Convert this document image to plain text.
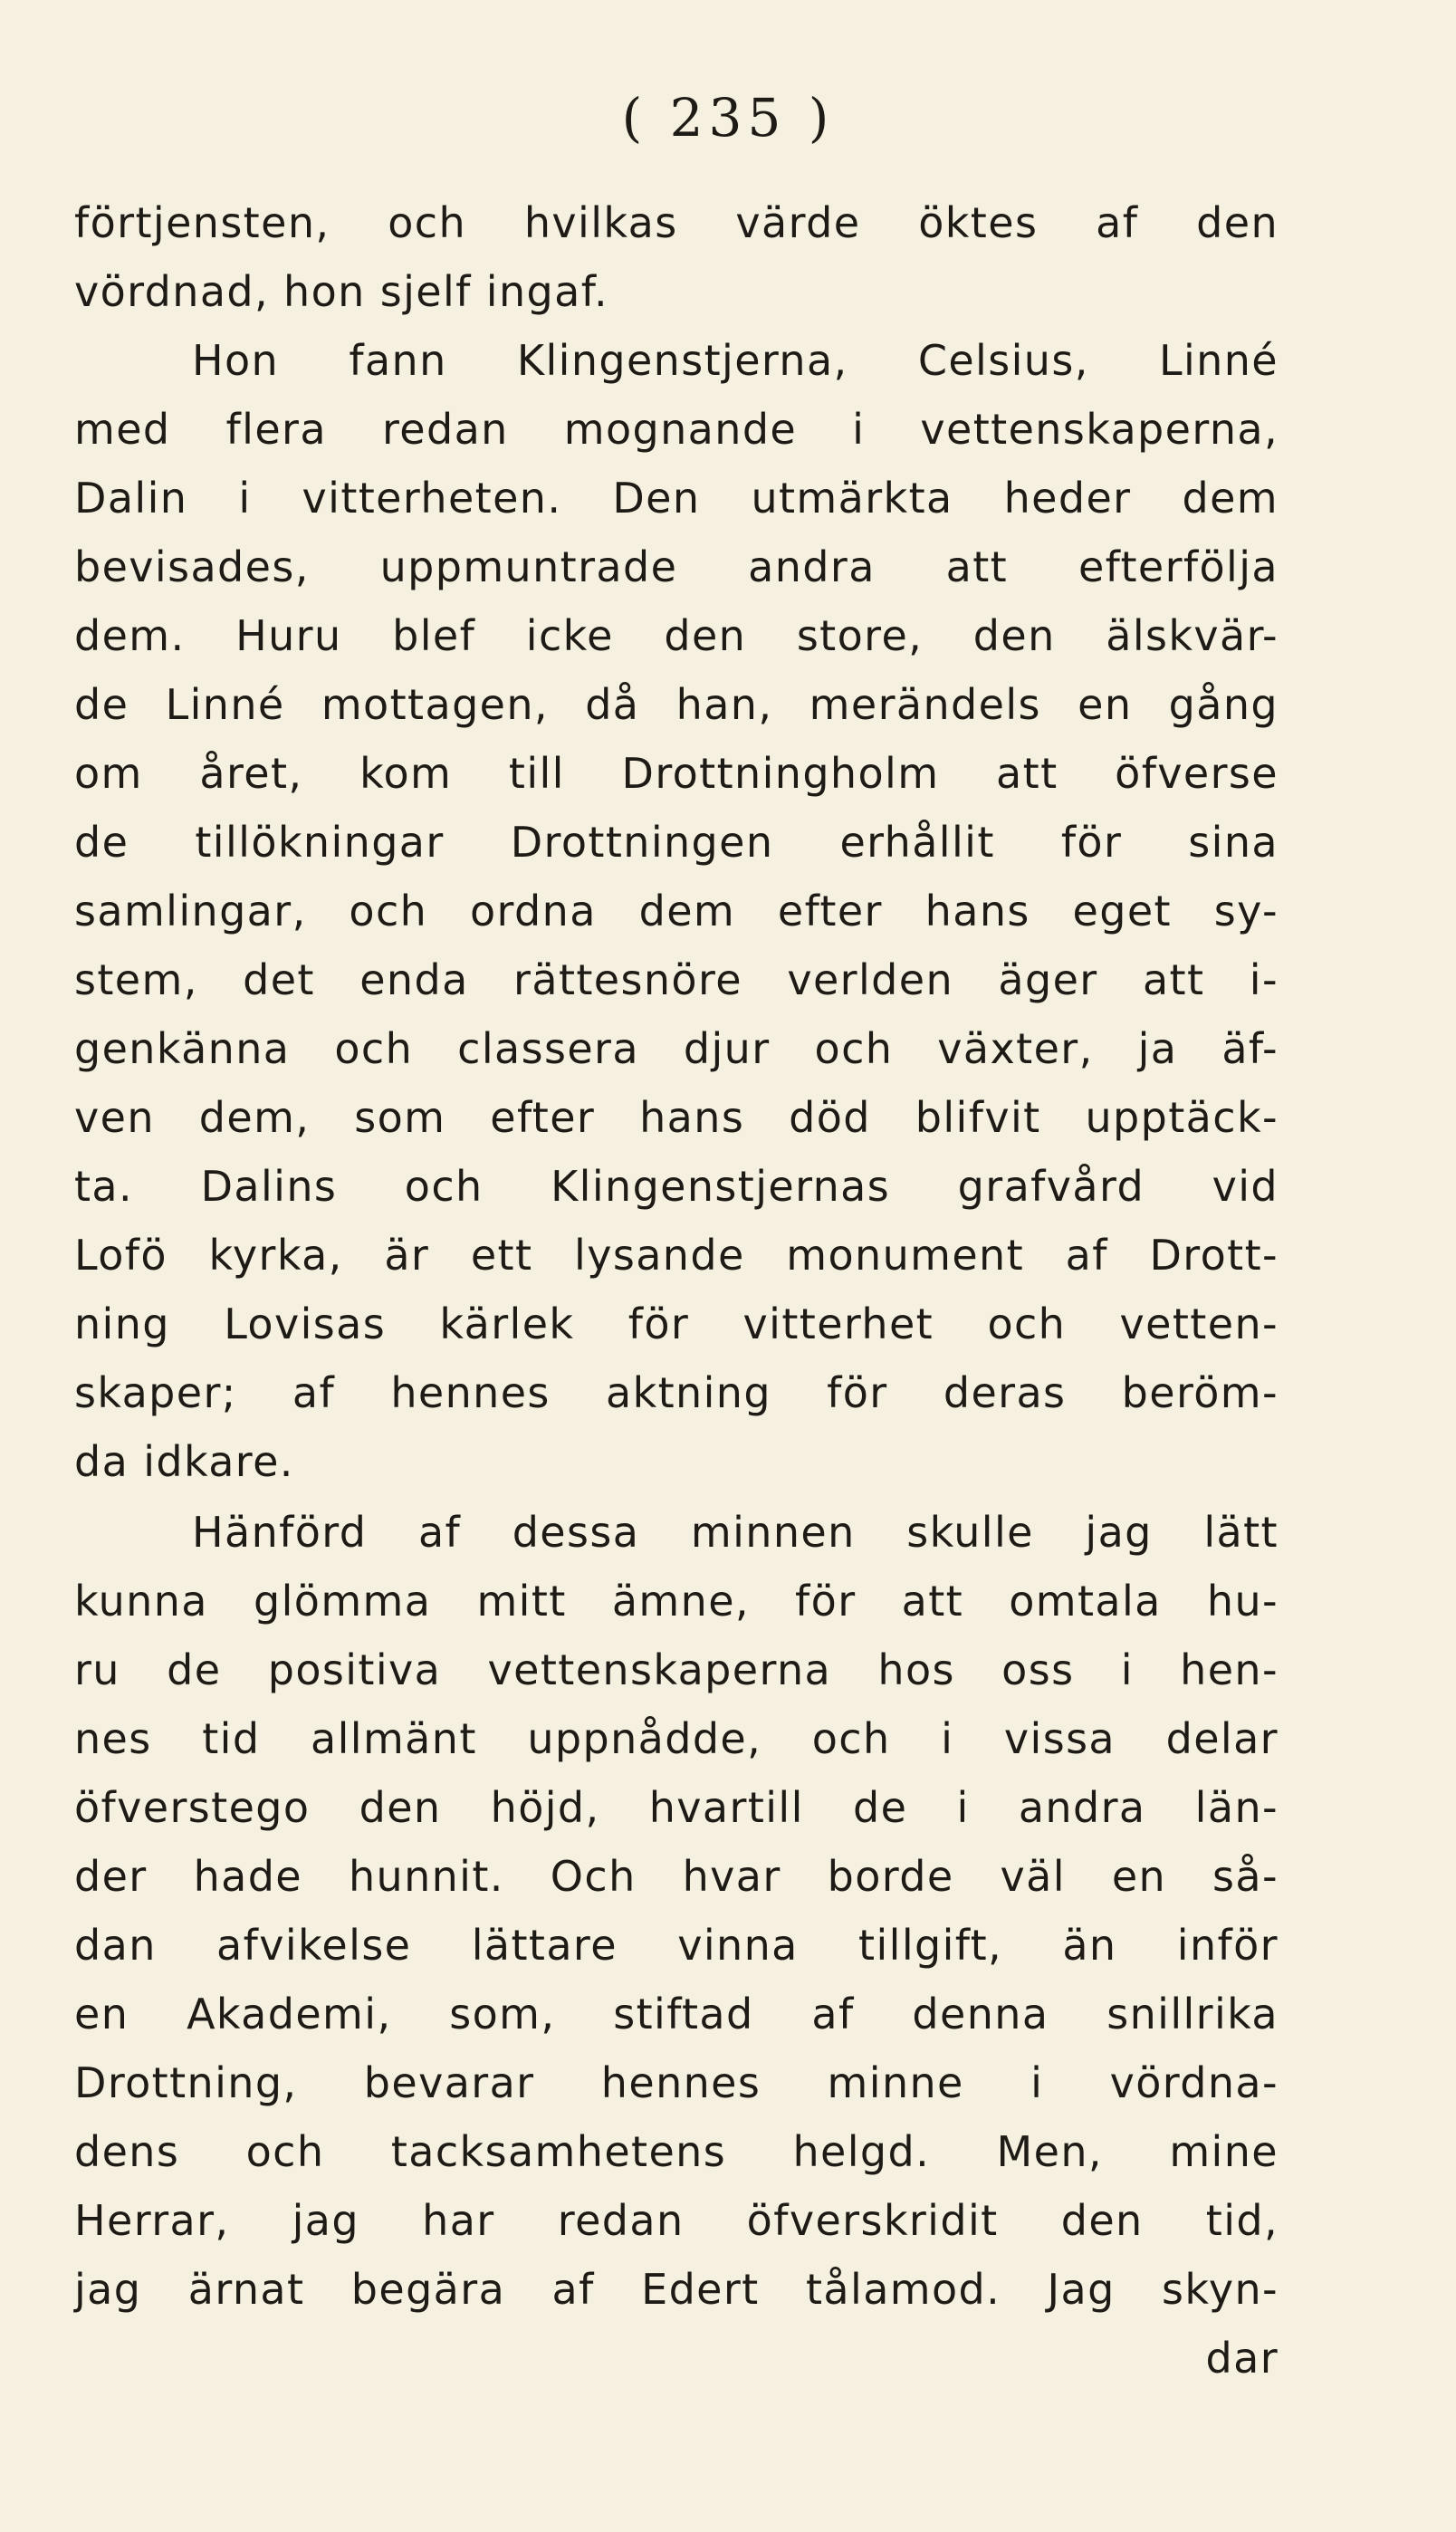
( 235 )
förtjensten, och hvilkas värde öktes af den
vördnad, hon sjelf ingaf.
Hon fann Klingenstjerna, Celsius, Linné
med flera redan mognande i vettenskaperna,
Dalin i vitterheten. Den utmärkta heder dem
bevisades, uppmuntrade andra att efterfölja
dem. Huru blef icke den store, den älskvär-
de Linné mottagen, då han, merändels en gång
om året, kom till Drottningholm att öfverse
de tillökningar Drottningen erhållit för sina
samlingar, och ordna dem efter hans eget sy-
stem, det enda rättesnöre verlden äger att i-
genkänna och classera djur och växter, ja äf-
ven dem, som efter hans död blifvit upptäck-
ta. Dalins och Klingenstjernas grafvård vid
Lofö kyrka, är ett lysande monument af Drott-
ning Lovisas kärlek för vitterhet och vetten-
skaper; af hennes aktning för deras beröm-
da idkare.
Hänförd af dessa minnen skulle jag lätt
kunna glömma mitt ämne, för att omtala hu-
ru de positiva vettenskaperna hos oss i hen-
nes tid allmänt uppnådde, och i vissa delar
öfverstego den höjd, hvartill de i andra län-
der hade hunnit. Och hvar borde väl en så-
dan afvikelse lättare vinna tillgift, än inför
en Akademi, som, stiftad af denna snillrika
Drottning, bevarar hennes minne i vördna-
dens och tacksamhetens helgd. Men, mine
Herrar, jag har redan öfverskridit den tid,
jag ärnat begära af Edert tålamod. Jag skyn-
dar
